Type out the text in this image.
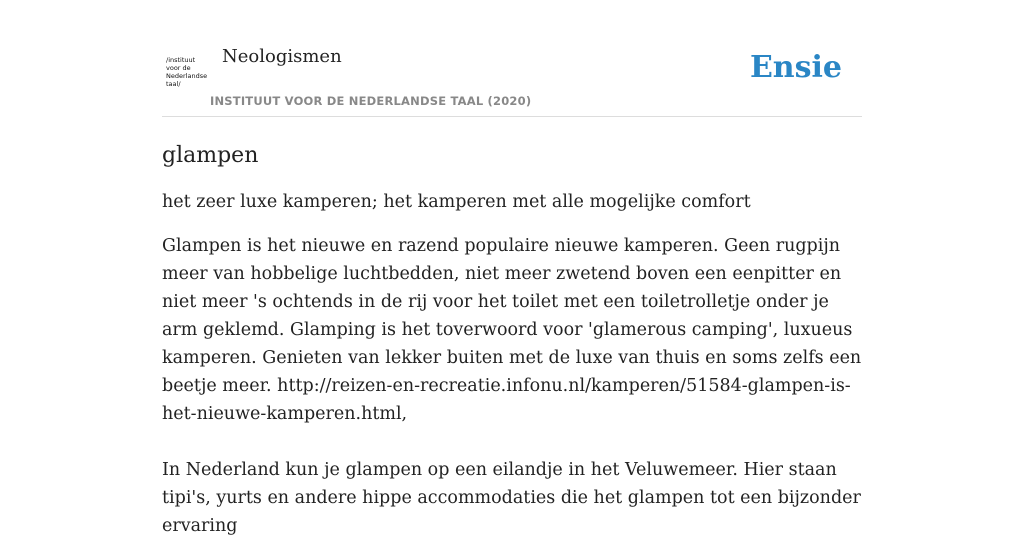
/instituut
voor de
Nederlandse
taal/
Neologismen
INSTITUUT VOOR DE NEDERLANDSE TAAL (2020)
Ensie
glampen
het zeer luxe kamperen; het kamperen met alle mogelijke comfort

Glampen is het nieuwe en razend populaire nieuwe kamperen. Geen rugpijn meer van hobbelige luchtbedden, niet meer zwetend boven een eenpitter en niet meer 's ochtends in de rij voor het toilet met een toiletrolletje onder je arm geklemd. Glamping is het toverwoord voor 'glamerous camping', luxueus kamperen. Genieten van lekker buiten met de luxe van thuis en soms zelfs een beetje meer. http://reizen-en-recreatie.infonu.nl/kamperen/51584-glampen-is-het-nieuwe-kamperen.html,

In Nederland kun je glampen op een eilandje in het Veluwemeer. Hier staan tipi's, yurts en andere hippe accommodaties die het glampen tot een bijzonder ervaring
